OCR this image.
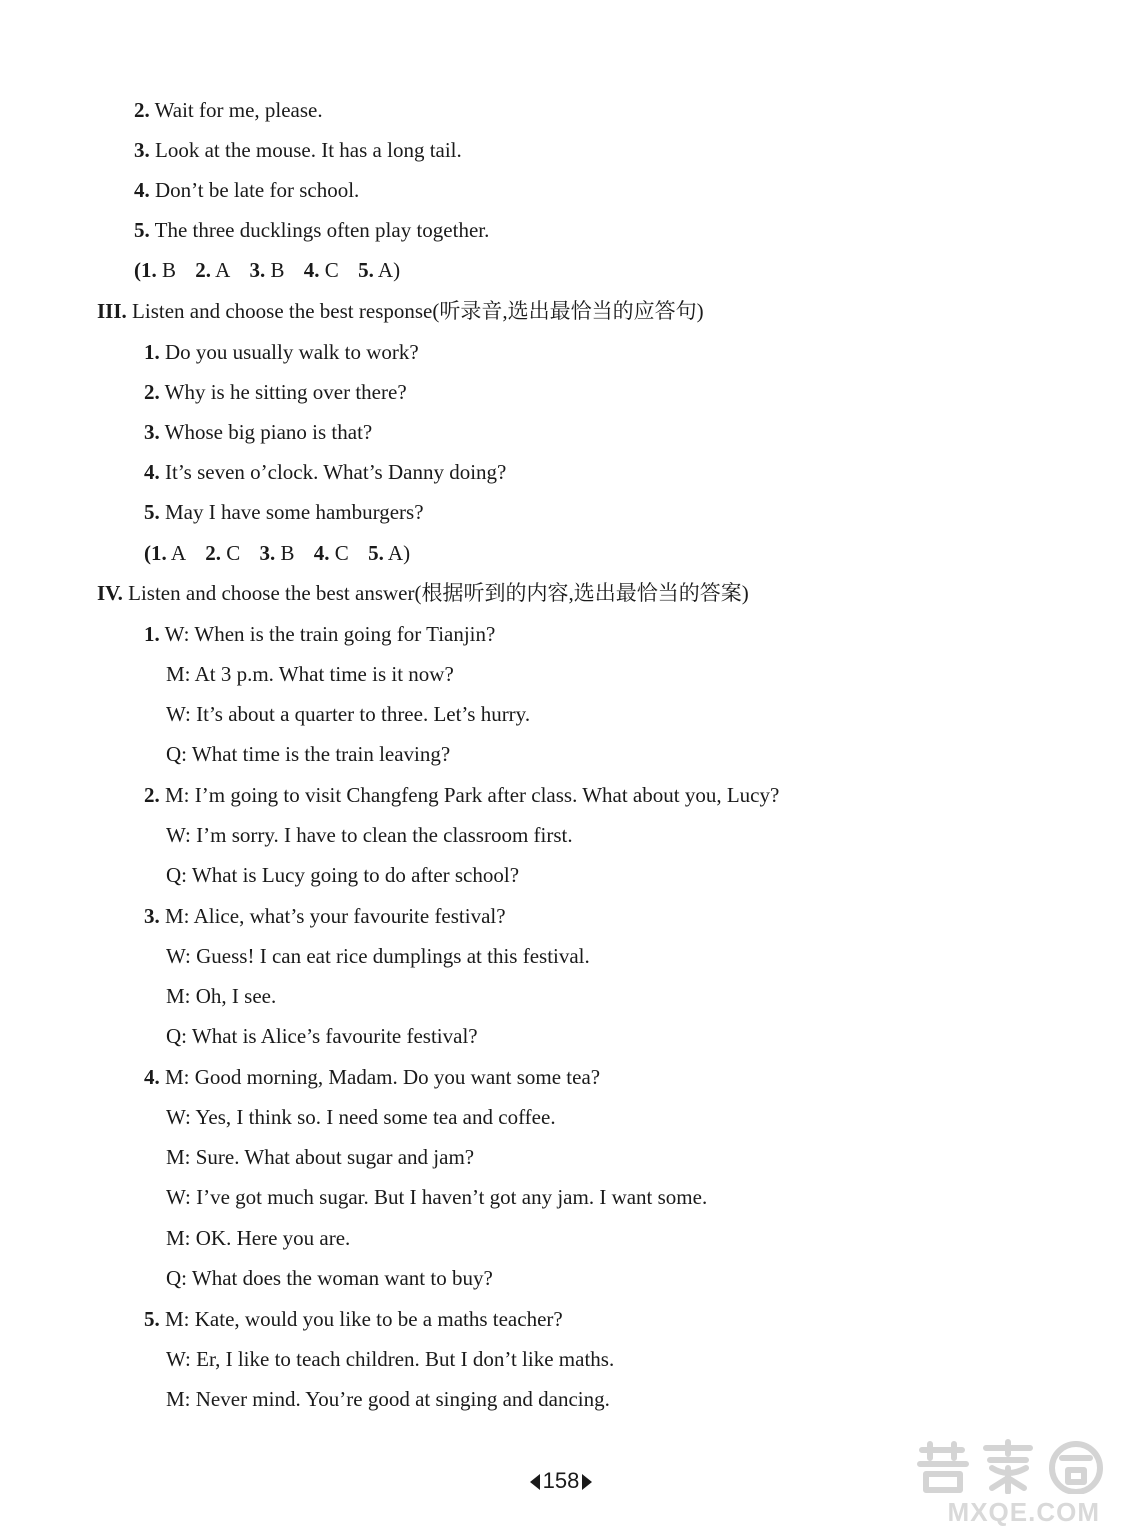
2. Wait for me, please.
3. Look at the mouse. It has a long tail.
4. Don’t be late for school.
5. The three ducklings often play together.
(1. B 2. A 3. B 4. C 5. A)
III. Listen and choose the best response(听录音,选出最恰当的应答句)
1. Do you usually walk to work?
2. Why is he sitting over there?
3. Whose big piano is that?
4. It’s seven o’clock. What’s Danny doing?
5. May I have some hamburgers?
(1. A 2. C 3. B 4. C 5. A)
IV. Listen and choose the best answer(根据听到的内容,选出最恰当的答案)
1. W: When is the train going for Tianjin?
M: At 3 p.m. What time is it now?
W: It’s about a quarter to three. Let’s hurry.
Q: What time is the train leaving?
2. M: I’m going to visit Changfeng Park after class. What about you, Lucy?
W: I’m sorry. I have to clean the classroom first.
Q: What is Lucy going to do after school?
3. M: Alice, what’s your favourite festival?
W: Guess! I can eat rice dumplings at this festival.
M: Oh, I see.
Q: What is Alice’s favourite festival?
4. M: Good morning, Madam. Do you want some tea?
W: Yes, I think so. I need some tea and coffee.
M: Sure. What about sugar and jam?
W: I’ve got much sugar. But I haven’t got any jam. I want some.
M: OK. Here you are.
Q: What does the woman want to buy?
5. M: Kate, would you like to be a maths teacher?
W: Er, I like to teach children. But I don’t like maths.
M: Never mind. You’re good at singing and dancing.
158
MXQE.COM
